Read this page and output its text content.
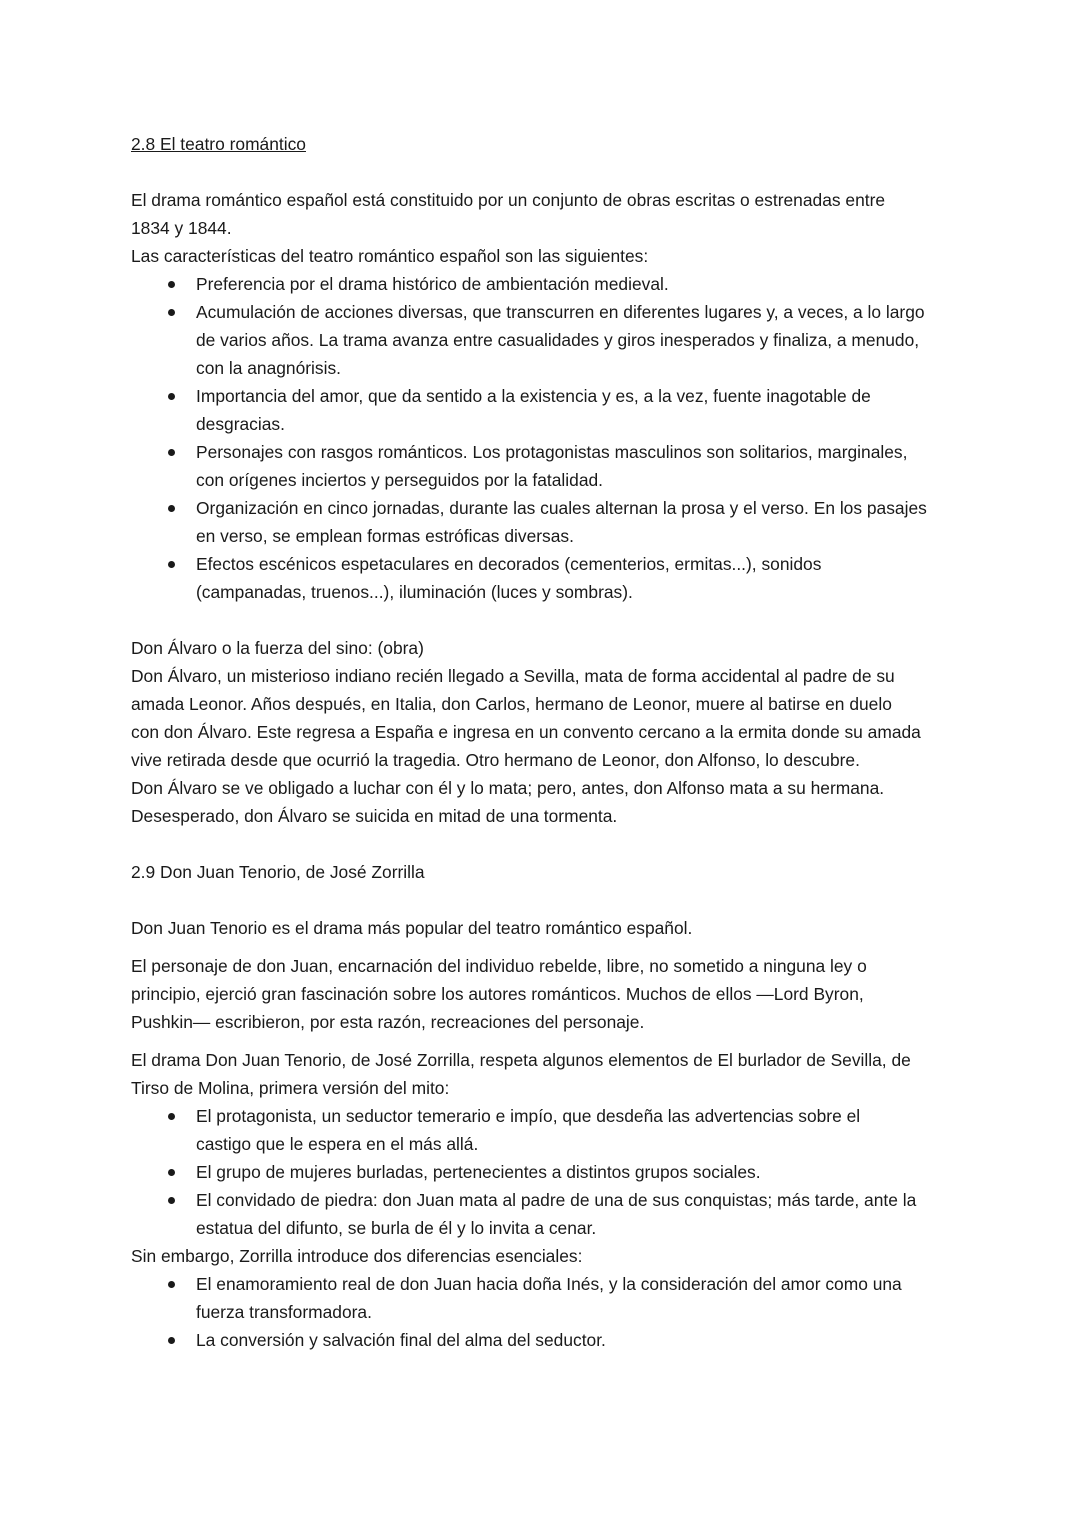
2.8 El teatro romántico

El drama romántico español está constituido por un conjunto de obras escritas o estrenadas entre

1834 y 1844.

Las características del teatro romántico español son las siguientes:

Preferencia por el drama histórico de ambientación medieval.
Acumulación de acciones diversas, que transcurren en diferentes lugares y, a veces, a lo largo
de varios años. La trama avanza entre casualidades y giros inesperados y finaliza, a menudo,
con la anagnórisis.
Importancia del amor, que da sentido a la existencia y es, a la vez, fuente inagotable de
desgracias.
Personajes con rasgos románticos. Los protagonistas masculinos son solitarios, marginales,
con orígenes inciertos y perseguidos por la fatalidad.
Organización en cinco jornadas, durante las cuales alternan la prosa y el verso. En los pasajes
en verso, se emplean formas estróficas diversas.
Efectos escénicos espetaculares en decorados (cementerios, ermitas...), sonidos
(campanadas, truenos...), iluminación (luces y sombras).

Don Álvaro o la fuerza del sino: (obra)

Don Álvaro, un misterioso indiano recién llegado a Sevilla, mata de forma accidental al padre de su

amada Leonor. Años después, en Italia, don Carlos, hermano de Leonor, muere al batirse en duelo

con don Álvaro. Este regresa a España e ingresa en un convento cercano a la ermita donde su amada

vive retirada desde que ocurrió la tragedia. Otro hermano de Leonor, don Alfonso, lo descubre.

Don Álvaro se ve obligado a luchar con él y lo mata; pero, antes, don Alfonso mata a su hermana.

Desesperado, don Álvaro se suicida en mitad de una tormenta.

2.9 Don Juan Tenorio, de José Zorrilla

Don Juan Tenorio es el drama más popular del teatro romántico español.

El personaje de don Juan, encarnación del individuo rebelde, libre, no sometido a ninguna ley o

principio, ejerció gran fascinación sobre los autores románticos. Muchos de ellos —Lord Byron,

Pushkin— escribieron, por esta razón, recreaciones del personaje.

El drama Don Juan Tenorio, de José Zorrilla, respeta algunos elementos de El burlador de Sevilla, de

Tirso de Molina, primera versión del mito:

El protagonista, un seductor temerario e impío, que desdeña las advertencias sobre el
castigo que le espera en el más allá.
El grupo de mujeres burladas, pertenecientes a distintos grupos sociales.
El convidado de piedra: don Juan mata al padre de una de sus conquistas; más tarde, ante la
estatua del difunto, se burla de él y lo invita a cenar.

Sin embargo, Zorrilla introduce dos diferencias esenciales:

El enamoramiento real de don Juan hacia doña Inés, y la consideración del amor como una
fuerza transformadora.
La conversión y salvación final del alma del seductor.
